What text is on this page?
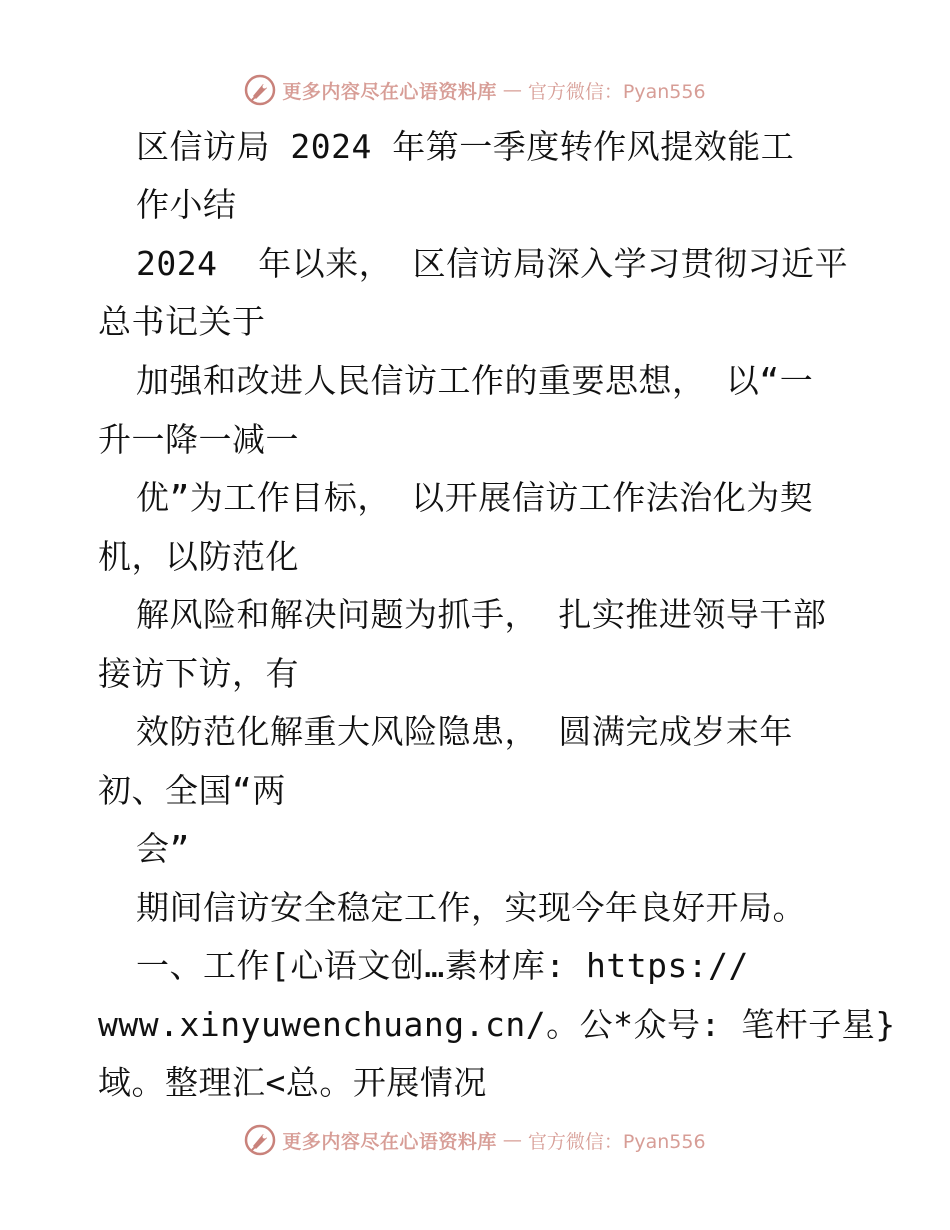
更多内容尽在心语资料库 — 官方微信：Pyan556
区信访局 2024 年第一季度转作风提效能工
作小结
2024  年以来， 区信访局深入学习贯彻习近平
总书记关于
加强和改进人民信访工作的重要思想， 以“一
升一降一减一
优”为工作目标， 以开展信访工作法治化为契
机，以防范化
解风险和解决问题为抓手， 扎实推进领导干部
接访下访，有
效防范化解重大风险隐患， 圆满完成岁末年
初、全国“两
会”
期间信访安全稳定工作，实现今年良好开局。
一、工作[心语文创…素材库: https://
www.xinyuwenchuang.cn/。公*众号: 笔杆子星}
域。整理汇<总。开展情况
更多内容尽在心语资料库 — 官方微信：Pyan556
